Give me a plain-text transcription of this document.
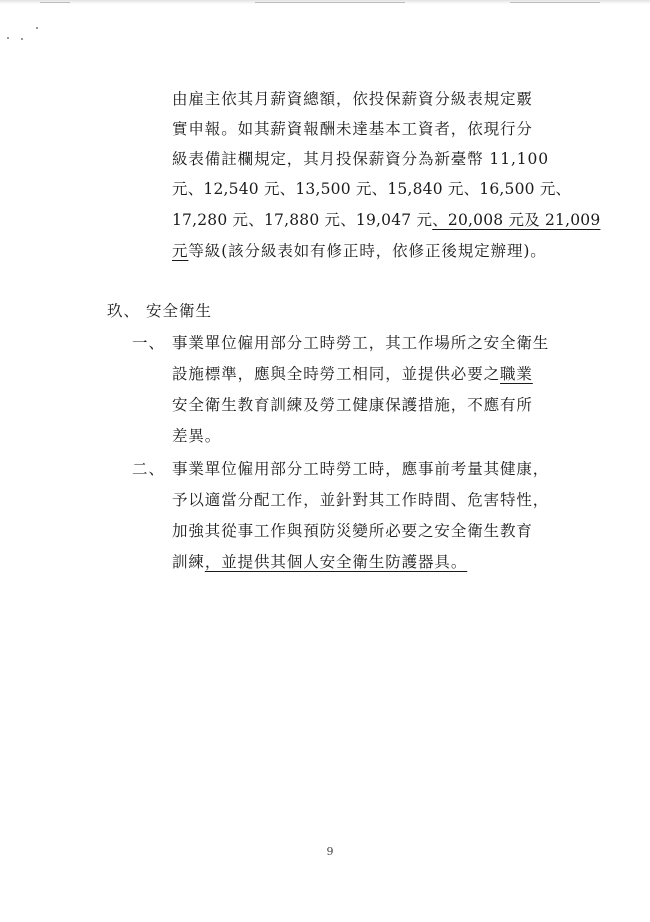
由雇主依其月薪資總額，依投保薪資分級表規定覈
實申報。如其薪資報酬未達基本工資者，依現行分
級表備註欄規定，其月投保薪資分為新臺幣 11,100
元、12,540 元、13,500 元、15,840 元、16,500 元、
17,280 元、17,880 元、19,047 元、20,008 元及 21,009
元等級(該分級表如有修正時，依修正後規定辦理)。
玖、 安全衛生
一、 事業單位僱用部分工時勞工，其工作場所之安全衛生
設施標準，應與全時勞工相同，並提供必要之職業
安全衛生教育訓練及勞工健康保護措施，不應有所
差異。
二、 事業單位僱用部分工時勞工時，應事前考量其健康，
予以適當分配工作，並針對其工作時間、危害特性，
加強其從事工作與預防災變所必要之安全衛生教育
訓練，並提供其個人安全衛生防護器具。
9
